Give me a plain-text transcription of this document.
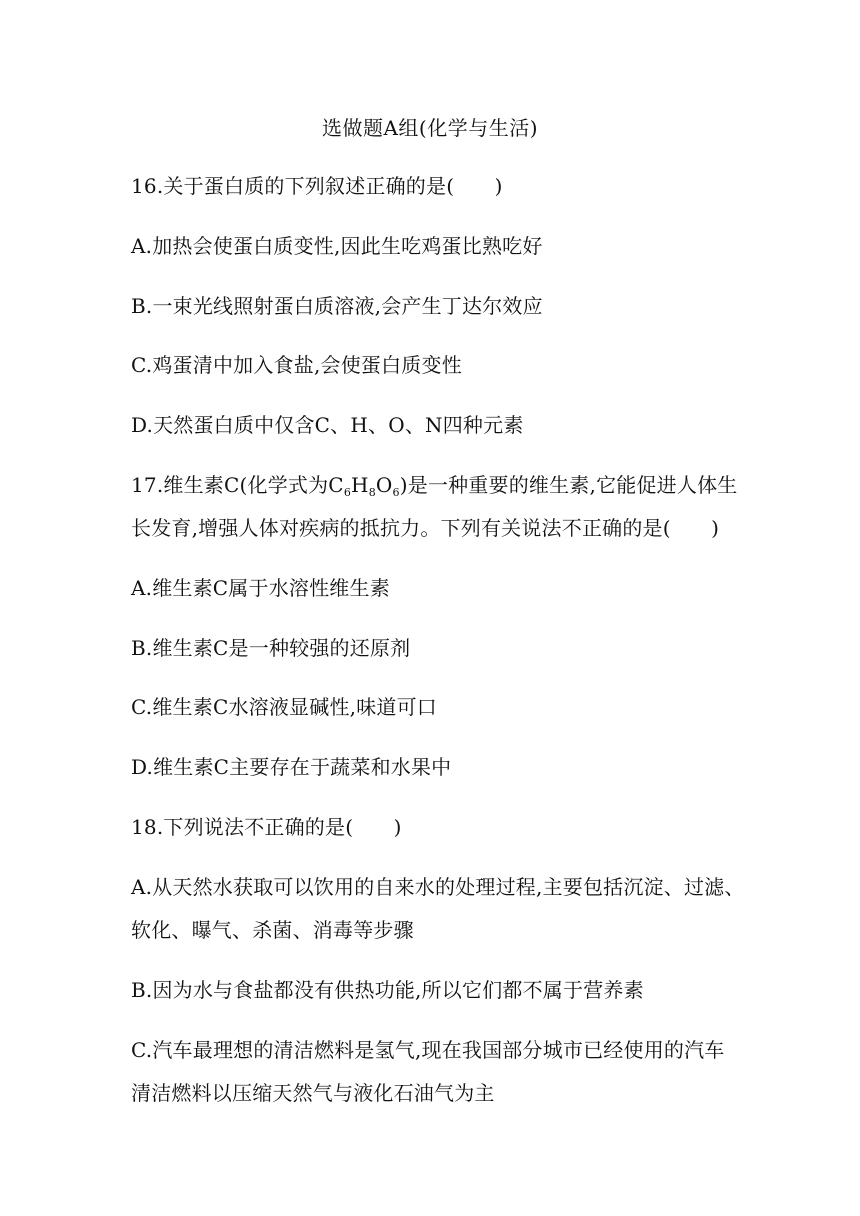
选做题A组(化学与生活)
16.关于蛋白质的下列叙述正确的是(　　)
A.加热会使蛋白质变性,因此生吃鸡蛋比熟吃好
B.一束光线照射蛋白质溶液,会产生丁达尔效应
C.鸡蛋清中加入食盐,会使蛋白质变性
D.天然蛋白质中仅含C、H、O、N四种元素
17.维生素C(化学式为$C_6H_8O_6$)是一种重要的维生素,它能促进人体生
长发育,增强人体对疾病的抵抗力。下列有关说法不正确的是(　　)
A.维生素C属于水溶性维生素
B.维生素C是一种较强的还原剂
C.维生素C水溶液显碱性,味道可口
D.维生素C主要存在于蔬菜和水果中
18.下列说法不正确的是(　　)
A.从天然水获取可以饮用的自来水的处理过程,主要包括沉淀、过滤、
软化、曝气、杀菌、消毒等步骤
B.因为水与食盐都没有供热功能,所以它们都不属于营养素
C.汽车最理想的清洁燃料是氢气,现在我国部分城市已经使用的汽车
清洁燃料以压缩天然气与液化石油气为主
